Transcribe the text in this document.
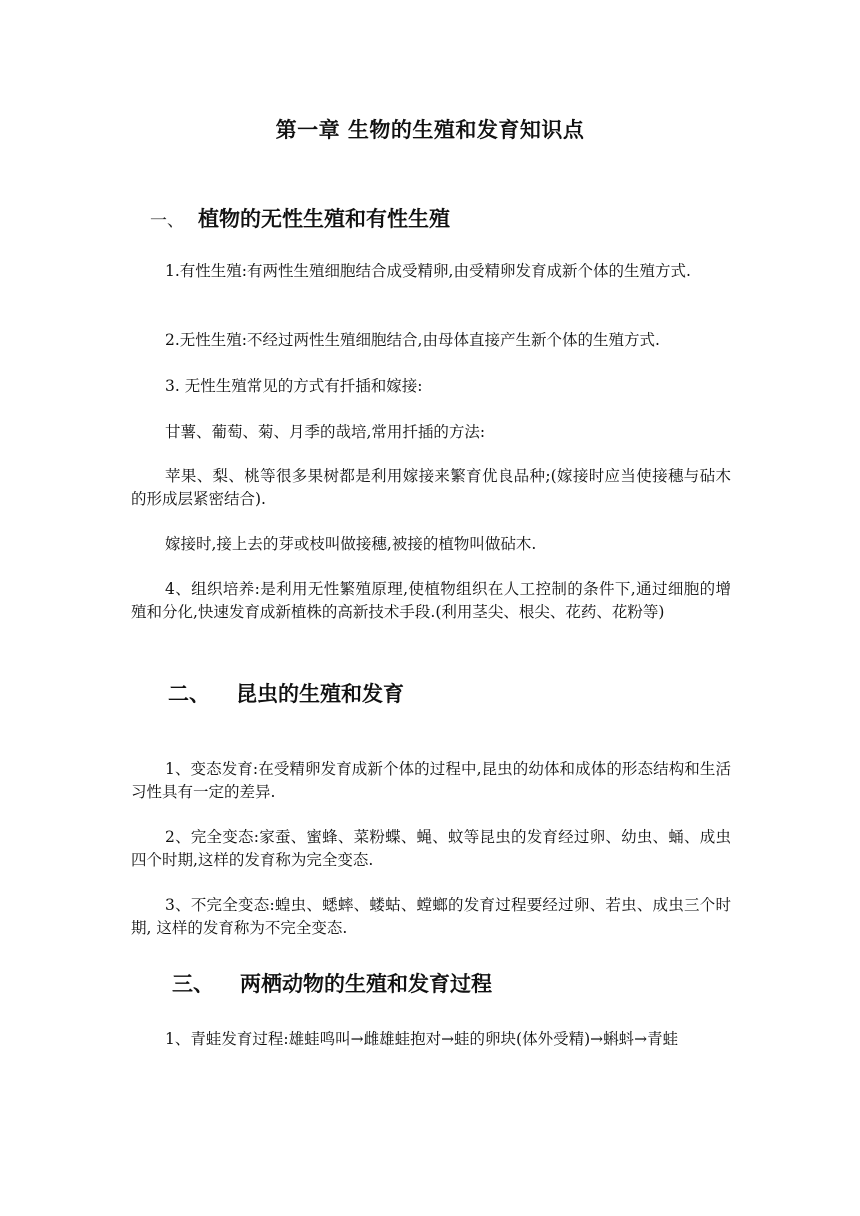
第一章 生物的生殖和发育知识点
一、 植物的无性生殖和有性生殖

1.有性生殖:有两性生殖细胞结合成受精卵,由受精卵发育成新个体的生殖方式.

2.无性生殖:不经过两性生殖细胞结合,由母体直接产生新个体的生殖方式.

3. 无性生殖常见的方式有扦插和嫁接:

甘薯、葡萄、菊、月季的哉培,常用扦插的方法:

苹果、梨、桃等很多果树都是利用嫁接来繁育优良品种;(嫁接时应当使接穗与砧木的形成层紧密结合).

嫁接时,接上去的芽或枝叫做接穗,被接的植物叫做砧木.

4、组织培养:是利用无性繁殖原理,使植物组织在人工控制的条件下,通过细胞的增殖和分化,快速发育成新植株的高新技术手段.(利用茎尖、根尖、花药、花粉等)

二、 昆虫的生殖和发育

1、变态发育:在受精卵发育成新个体的过程中,昆虫的幼体和成体的形态结构和生活习性具有一定的差异.

2、完全变态:家蚕、蜜蜂、菜粉蝶、蝇、蚊等昆虫的发育经过卵、幼虫、蛹、成虫四个时期,这样的发育称为完全变态.

3、不完全变态:蝗虫、蟋蟀、蝼蛄、螳螂的发育过程要经过卵、若虫、成虫三个时期, 这样的发育称为不完全变态.

三、 两栖动物的生殖和发育过程

1、青蛙发育过程:雄蛙鸣叫→雌雄蛙抱对→蛙的卵块(体外受精)→蝌蚪→青蛙
